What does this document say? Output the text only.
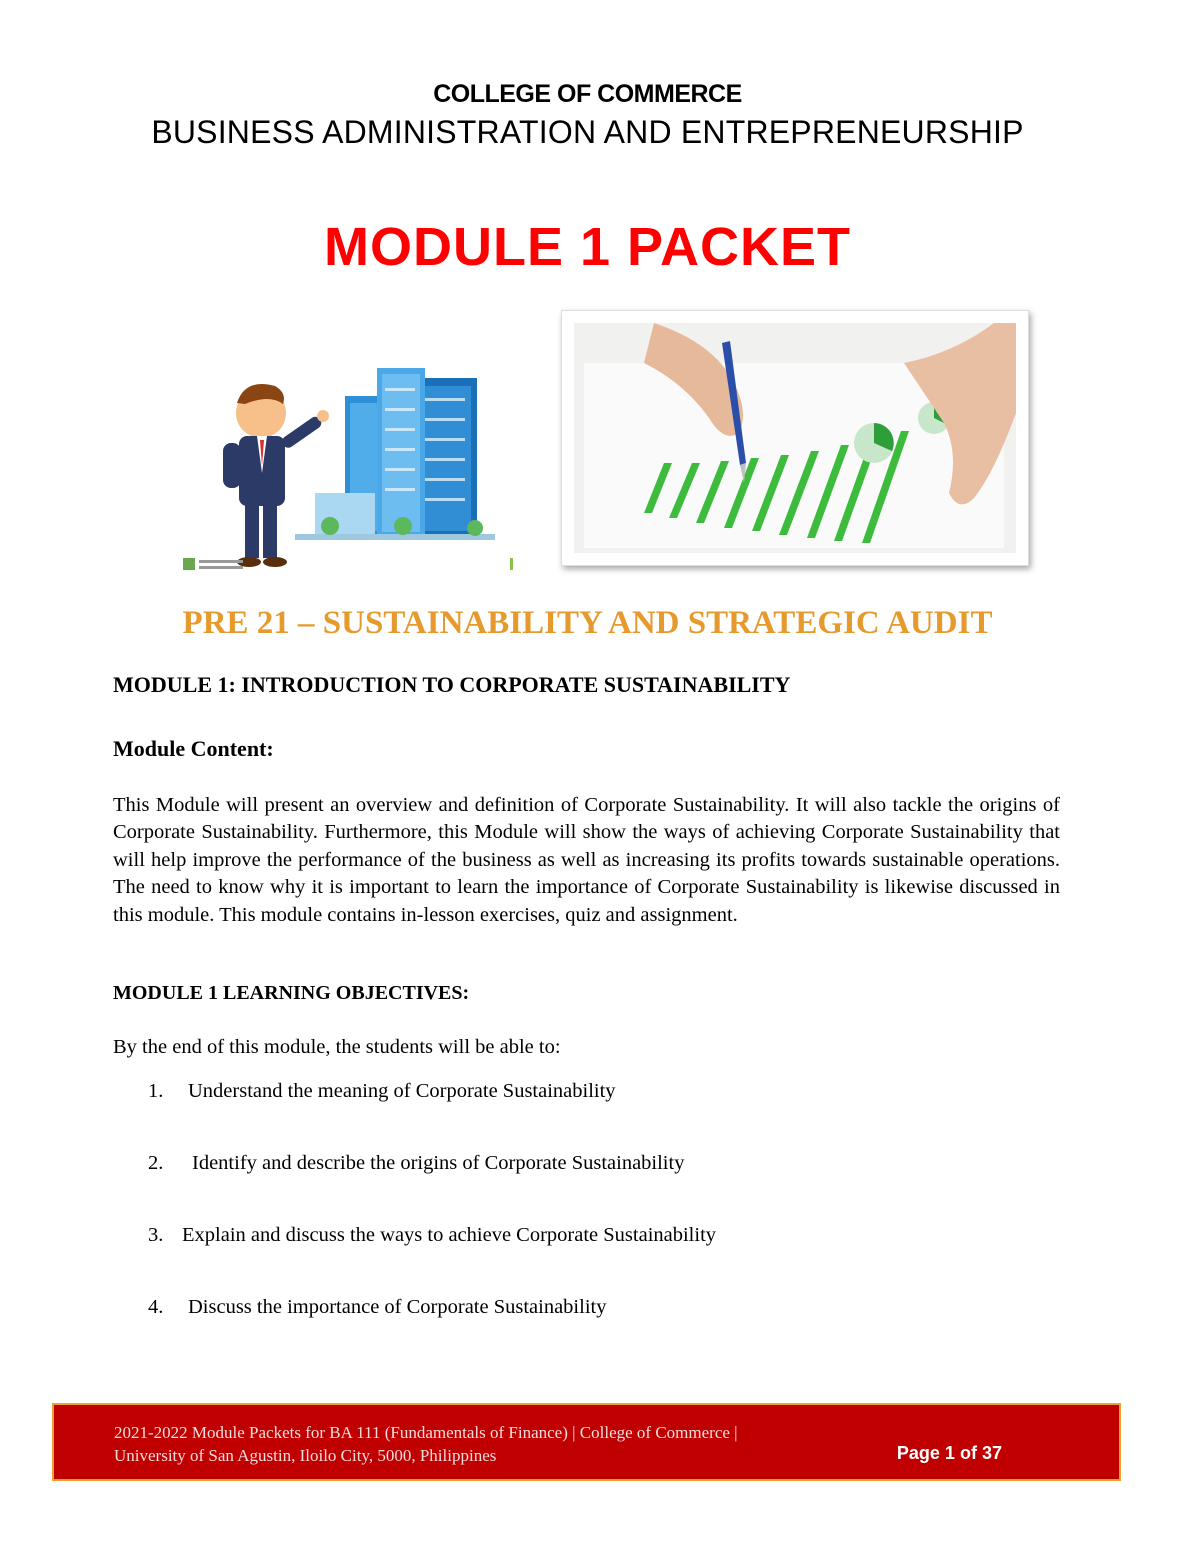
COLLEGE OF COMMERCE
BUSINESS ADMINISTRATION AND ENTREPRENEURSHIP
MODULE 1 PACKET
PRE 21 – SUSTAINABILITY AND STRATEGIC AUDIT
MODULE 1: INTRODUCTION TO CORPORATE SUSTAINABILITY
Module Content:
This Module will present an overview and definition of Corporate Sustainability. It will also tackle the origins of Corporate Sustainability. Furthermore, this Module will show the ways of achieving Corporate Sustainability that will help improve the performance of the business as well as increasing its profits towards sustainable operations. The need to know why it is important to learn the importance of Corporate Sustainability is likewise discussed in this module. This module contains in-lesson exercises, quiz and assignment.
MODULE 1 LEARNING OBJECTIVES:
By the end of this module, the students will be able to:
1. Understand the meaning of Corporate Sustainability
2. Identify and describe the origins of Corporate Sustainability
3. Explain and discuss the ways to achieve Corporate Sustainability
4. Discuss the importance of Corporate Sustainability
2021-2022 Module Packets for BA 111 (Fundamentals of Finance) | College of Commerce |
University of San Agustin, Iloilo City, 5000, Philippines	Page 1 of 37
